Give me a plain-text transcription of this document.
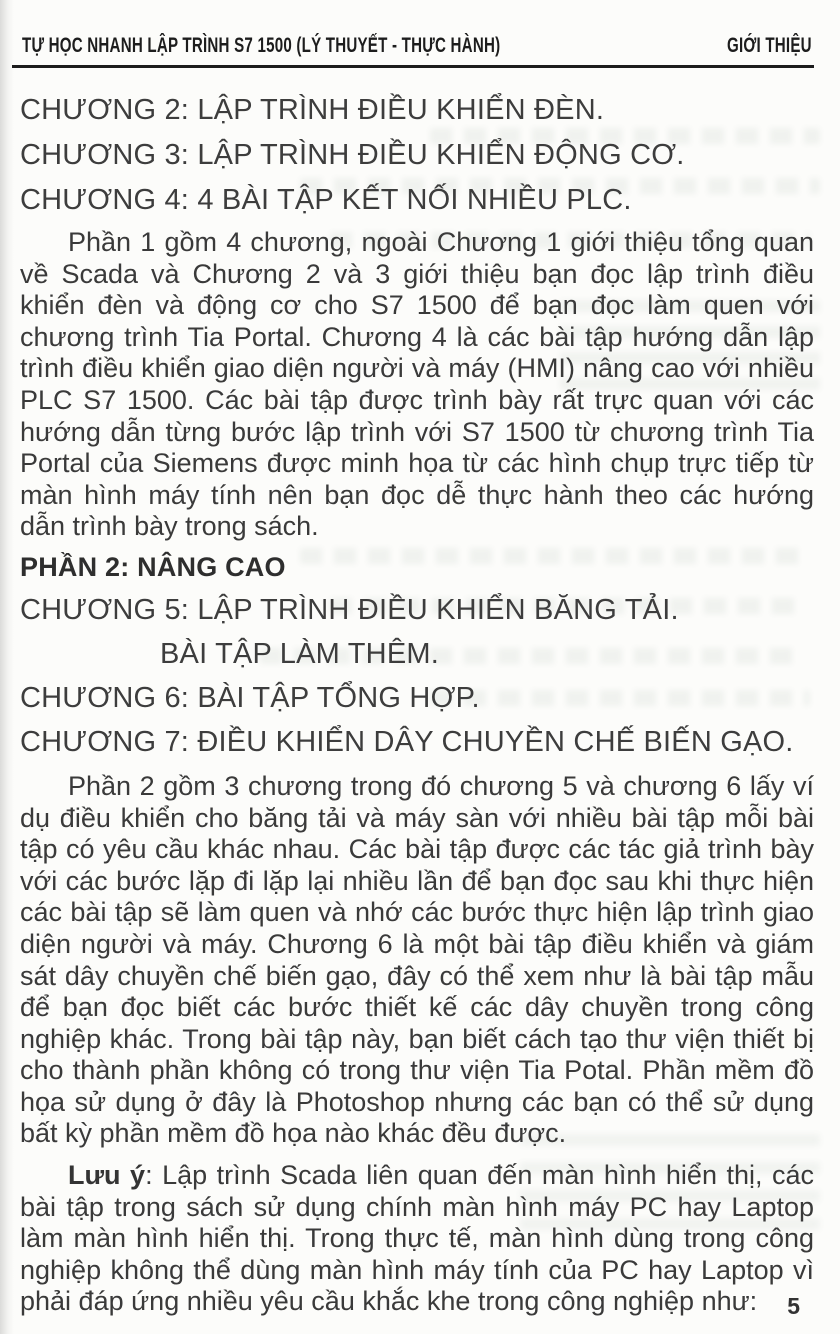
TỰ HỌC NHANH LẬP TRÌNH S7 1500 (LÝ THUYẾT - THỰC HÀNH)	GIỚI THIỆU
CHƯƠNG 2: LẬP TRÌNH ĐIỀU KHIỂN ĐÈN.
CHƯƠNG 3: LẬP TRÌNH ĐIỀU KHIỂN ĐỘNG CƠ.
CHƯƠNG 4: 4 BÀI TẬP KẾT NỐI NHIỀU PLC.

Phần 1 gồm 4 chương, ngoài Chương 1 giới thiệu tổng quan về Scada và Chương 2 và 3 giới thiệu bạn đọc lập trình điều khiển đèn và động cơ cho S7 1500 để bạn đọc làm quen với chương trình Tia Portal. Chương 4 là các bài tập hướng dẫn lập trình điều khiển giao diện người và máy (HMI) nâng cao với nhiều PLC S7 1500. Các bài tập được trình bày rất trực quan với các hướng dẫn từng bước lập trình với S7 1500 từ chương trình Tia Portal của Siemens được minh họa từ các hình chụp trực tiếp từ màn hình máy tính nên bạn đọc dễ thực hành theo các hướng dẫn trình bày trong sách.

PHẦN 2: NÂNG CAO
CHƯƠNG 5: LẬP TRÌNH ĐIỀU KHIỂN BĂNG TẢI.
BÀI TẬP LÀM THÊM.
CHƯƠNG 6: BÀI TẬP TỔNG HỢP.
CHƯƠNG 7: ĐIỀU KHIỂN DÂY CHUYỀN CHẾ BIẾN GẠO.

Phần 2 gồm 3 chương trong đó chương 5 và chương 6 lấy ví dụ điều khiển cho băng tải và máy sàn với nhiều bài tập mỗi bài tập có yêu cầu khác nhau. Các bài tập được các tác giả trình bày với các bước lặp đi lặp lại nhiều lần để bạn đọc sau khi thực hiện các bài tập sẽ làm quen và nhớ các bước thực hiện lập trình giao diện người và máy. Chương 6 là một bài tập điều khiển và giám sát dây chuyền chế biến gạo, đây có thể xem như là bài tập mẫu để bạn đọc biết các bước thiết kế các dây chuyền trong công nghiệp khác. Trong bài tập này, bạn biết cách tạo thư viện thiết bị cho thành phần không có trong thư viện Tia Potal. Phần mềm đồ họa sử dụng ở đây là Photoshop nhưng các bạn có thể sử dụng bất kỳ phần mềm đồ họa nào khác đều được.

Lưu ý: Lập trình Scada liên quan đến màn hình hiển thị, các bài tập trong sách sử dụng chính màn hình máy PC hay Laptop làm màn hình hiển thị. Trong thực tế, màn hình dùng trong công nghiệp không thể dùng màn hình máy tính của PC hay Laptop vì phải đáp ứng nhiều yêu cầu khắc khe trong công nghiệp như:	5
